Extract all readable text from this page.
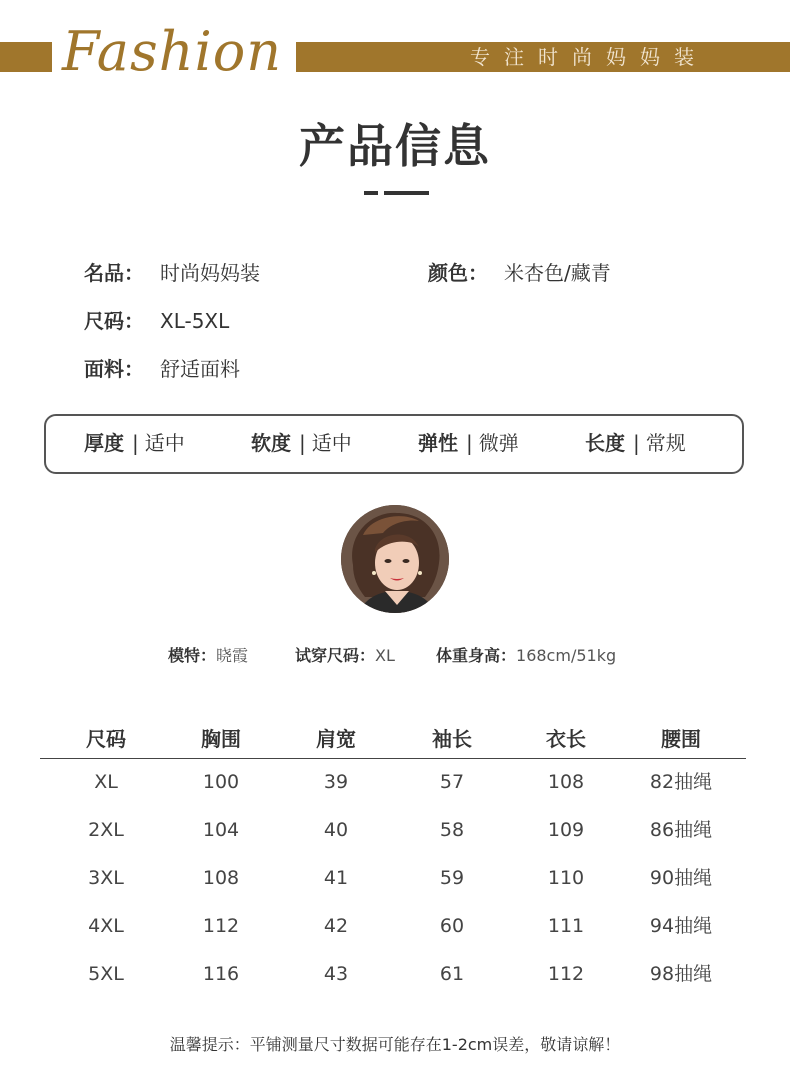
Fashion	专注时尚妈妈装
产品信息
名品： 时尚妈妈装	颜色： 米杏色/藏青
尺码： XL-5XL
面料： 舒适面料
厚度 | 适中	软度 | 适中	弹性 | 微弹	长度 | 常规
模特：晓霞	试穿尺码：XL	体重身高：168cm/51kg
尺码	胸围	肩宽	袖长	衣长	腰围
XL	100	39	57	108	82抽绳
2XL	104	40	58	109	86抽绳
3XL	108	41	59	110	90抽绳
4XL	112	42	60	111	94抽绳
5XL	116	43	61	112	98抽绳
温馨提示：平铺测量尺寸数据可能存在1-2cm误差，敬请谅解！
